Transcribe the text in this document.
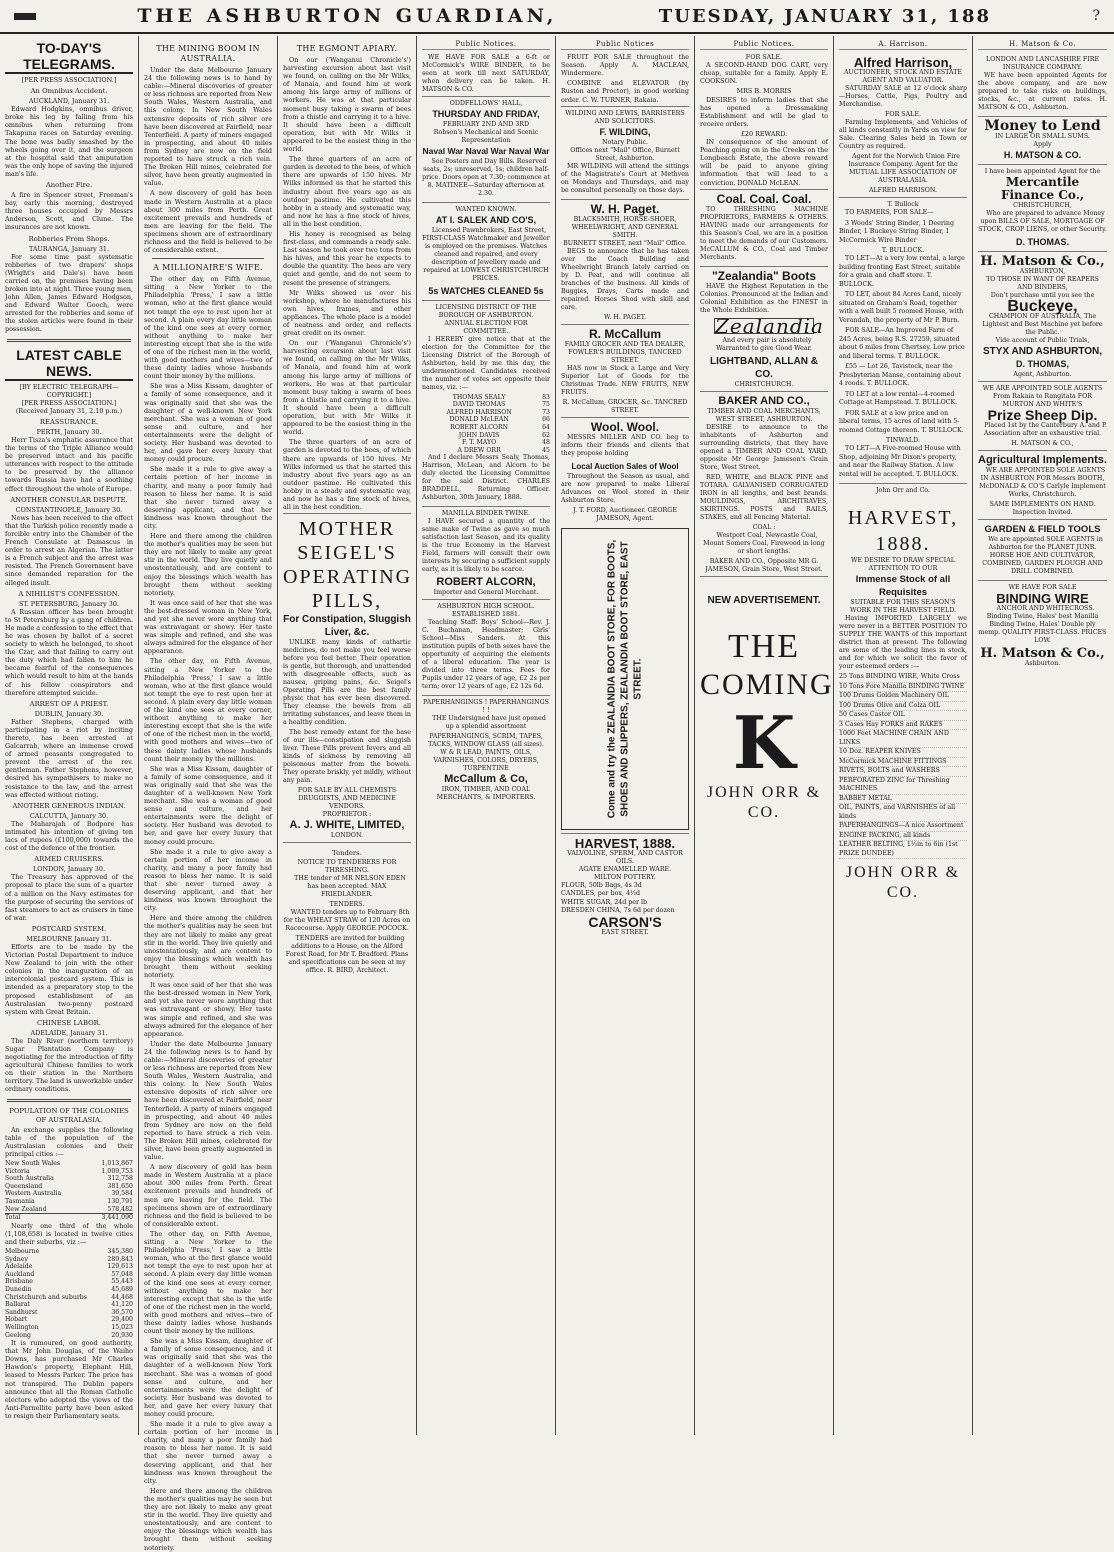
THE ASHBURTON GUARDIAN,	TUESDAY, JANUARY 31, 188	?
TO-DAY'S TELEGRAMS.
[PER PRESS ASSOCIATION.]
An Omnibus Accident.
AUCKLAND, January 31.

Edward Hodgkins, omnibus driver, broke his leg by falling from his omnibus when returning from Takapuna races on Saturday evening. The bone was badly smashed by the wheels going over it, and the surgeon at the hospital said that amputation was the only hope of saving the injured man's life.

Another Fire.

A fire in Spencer street, Freeman's bay, early this morning, destroyed three houses occupied by Messrs Anderson, Scott, and Clune. The insurances are not known.

Robberies From Shops.
TAURANGA, January 31.

For some time past systematic robberies of two drapers' shops (Wright's and Dale's) have been carried on, the premises having been broken into at night. Three young men, John Allen, James Edward Hodgson, and Edward Walter Gooch, were arrested for the robberies and some of the stolen articles were found in their possession.

LATEST CABLE NEWS.
[BY ELECTRIC TELEGRAPH—COPYRIGHT.]
[PER PRESS ASSOCIATION.]
(Received January 31, 2.10 p.m.)
REASSURANCE.
PERTH, January 30.

Herr Tisza's emphatic assurance that the terms of the Triple Alliance would be preserved intact and his pacific utterances with respect to the attitude to be preserved by the alliance towards Russia have had a soothing effect throughout the whole of Europe.

ANOTHER CONSULAR DISPUTE.
CONSTANTINOPLE, January 30.

News has been received to the effect that the Turkish police recently made a forcible entry into the Chamber of the French Consulate at Damascus in order to arrest an Algerian. The latter is a French subject and the arrest was resisted. The French Government have since demanded reparation for the alleged insult.

A NIHILIST'S CONFESSION.
ST. PETERSBURG, January 30.

A Russian officer has been brought to St Petersburg by a gang of children. He made a confession to the effect that he was chosen by ballot of a secret society to which he belonged, to shoot the Czar, and that failing to carry out the duty which had fallen to him he became fearful of the consequences which would result to him at the hands of his fellow conspirators and therefore attempted suicide.

ARREST OF A PRIEST.
DUBLIN, January 30.

Father Stephens, charged with participating in a riot by inciting thereto, has been arrested at Galcarrab, where an immense crowd of armed peasants congregated to prevent the arrest of the rev. gentleman. Father Stephens, however, desired his sympathisers to make no resistance to the law, and the arrest was effected without rioting.

ANOTHER GENEROUS INDIAN.
CALCUTTA, January 30.

The Maharajah of Bodpore has intimated his intention of giving ten lacs of rupees (£100,000) towards the cost of the defence of the frontier.

ARMED CRUISERS.
LONDON, January 30.

The Treasury has approved of the proposal to place the sum of a quarter of a million on the Navy estimates for the purpose of securing the services of fast steamers to act as cruisers in time of war.

POSTCARD SYSTEM.
MELBOURNE January 31.

Efforts are to be made by the Victorian Postal Department to induce New Zealand to join with the other colonies in the inauguration of an intercolonial postcard system. This is intended as a preparatory step to the proposed establishment of an Australasian two-penny postcard system with Great Britain.

CHINESE LABOR.
ADELAIDE, January 31.

The Daly River (northern territory) Sugar Plantation Company is negotiating for the introduction of fifty agricultural Chinese families to work on their station in the Northern territory. The land is unworkable under ordinary conditions.

POPULATION OF THE COLONIES OF AUSTRALASIA.

An exchange supplies the following table of the population of the Australasian colonies and their principal cities :—

New South Wales	1,013,867
Victoria	1,009,753
South Australia	312,758
Queensland	381,650
Western Australia	39,584
Tasmania	130,791
New Zealand	578,482
Total	3,441,090

Nearly one third of the whole (1,108,658) is located in twelve cities and their suburbs, viz :—

Melbourne	345,380
Sydney	289,843
Adelaide	129,613
Auckland	57,048
Brisbane	55,443
Dunedin	45,689
Christchurch and suburbs	44,468
Ballarat	41,120
Sandhurst	36,570
Hobart	29,400
Wellington	15,023
Geelong	20,930

It is rumoured, on good authority, that Mr John Douglas, of the Waiho Downs, has purchased Mr Charles Hawdon's property, Elephant Hill, leased to Messrs Parker. The price has not transpired. The Dublin papers announce that all the Roman Catholic electors who adopted the views of the Anti-Parnellite party have been asked to resign their Parliamentary seats.

THE MINING BOOM IN AUSTRALIA.

Under the date Melbourne January 24 the following news is to hand by cable:—Mineral discoveries of greater or less richness are reported from New South Wales, Western Australia, and this colony. In New South Wales extensive deposits of rich silver ore have been discovered at Fairfield, near Tenterfield. A party of miners engaged in prospecting, and about 40 miles from Sydney are now on the field reported to have struck a rich vein. The Broken Hill mines, celebrated for silver, have been greatly augmented in value.

A new discovery of gold has been made in Western Australia at a place about 300 miles from Perth. Great excitement prevails and hundreds of men are leaving for the field. The specimens shown are of extraordinary richness and the field is believed to be of considerable extent.

A MILLIONAIRE'S WIFE.

The other day, on Fifth Avenue, sitting a New Yorker to the Philadelphia 'Press,' I saw a little woman, who at the first glance would not tempt the eye to rest upon her at second. A plain every day little woman of the kind one sees at every corner, without anything to make her interesting except that she is the wife of one of the richest men in the world, with good mothers and wives—two of these dainty ladies whose husbands count their money by the millions.

She was a Miss Kissam, daughter of a family of some consequence, and it was originally said that she was the daughter of a well-known New York merchant. She was a woman of good sense and culture, and her entertainments were the delight of society. Her husband was devoted to her, and gave her every luxury that money could procure.

She made it a rule to give away a certain portion of her income in charity, and many a poor family had reason to bless her name. It is said that she never turned away a deserving applicant, and that her kindness was known throughout the city.

Here and there among the children the mother's qualities may be seen but they are not likely to make any great stir in the world. They live quietly and unostentatiously, and are content to enjoy the blessings which wealth has brought them without seeking notoriety.

It was once said of her that she was the best-dressed woman in New York, and yet she never wore anything that was extravagant or showy. Her taste was simple and refined, and she was always admired for the elegance of her appearance.

The other day, on Fifth Avenue, sitting a New Yorker to the Philadelphia 'Press,' I saw a little woman, who at the first glance would not tempt the eye to rest upon her at second. A plain every day little woman of the kind one sees at every corner, without anything to make her interesting except that she is the wife of one of the richest men in the world, with good mothers and wives—two of these dainty ladies whose husbands count their money by the millions.

She was a Miss Kissam, daughter of a family of some consequence, and it was originally said that she was the daughter of a well-known New York merchant. She was a woman of good sense and culture, and her entertainments were the delight of society. Her husband was devoted to her, and gave her every luxury that money could procure.

She made it a rule to give away a certain portion of her income in charity, and many a poor family had reason to bless her name. It is said that she never turned away a deserving applicant, and that her kindness was known throughout the city.

Here and there among the children the mother's qualities may be seen but they are not likely to make any great stir in the world. They live quietly and unostentatiously, and are content to enjoy the blessings which wealth has brought them without seeking notoriety.

It was once said of her that she was the best-dressed woman in New York, and yet she never wore anything that was extravagant or showy. Her taste was simple and refined, and she was always admired for the elegance of her appearance.

Under the date Melbourne January 24 the following news is to hand by cable:—Mineral discoveries of greater or less richness are reported from New South Wales, Western Australia, and this colony. In New South Wales extensive deposits of rich silver ore have been discovered at Fairfield, near Tenterfield. A party of miners engaged in prospecting, and about 40 miles from Sydney are now on the field reported to have struck a rich vein. The Broken Hill mines, celebrated for silver, have been greatly augmented in value.

A new discovery of gold has been made in Western Australia at a place about 300 miles from Perth. Great excitement prevails and hundreds of men are leaving for the field. The specimens shown are of extraordinary richness and the field is believed to be of considerable extent.

The other day, on Fifth Avenue, sitting a New Yorker to the Philadelphia 'Press,' I saw a little woman, who at the first glance would not tempt the eye to rest upon her at second. A plain every day little woman of the kind one sees at every corner, without anything to make her interesting except that she is the wife of one of the richest men in the world, with good mothers and wives—two of these dainty ladies whose husbands count their money by the millions.

She was a Miss Kissam, daughter of a family of some consequence, and it was originally said that she was the daughter of a well-known New York merchant. She was a woman of good sense and culture, and her entertainments were the delight of society. Her husband was devoted to her, and gave her every luxury that money could procure.

She made it a rule to give away a certain portion of her income in charity, and many a poor family had reason to bless her name. It is said that she never turned away a deserving applicant, and that her kindness was known throughout the city.

Here and there among the children the mother's qualities may be seen but they are not likely to make any great stir in the world. They live quietly and unostentatiously, and are content to enjoy the blessings which wealth has brought them without seeking notoriety.

THE EGMONT APIARY.

On our ('Wanganui Chronicle's') harvesting excursion about last visit we found, on calling on the Mr Wilks, of Manaia, and found him at work among his large army of millions of workers. He was at that particular moment busy taking a swarm of bees from a thistle and carrying it to a hive. It should have been a difficult operation, but with Mr Wilks it appeared to be the easiest thing in the world.

The three quarters of an acre of garden is devoted to the bees, of which there are upwards of 150 hives. Mr Wilks informed us that he started this industry about five years ago as an outdoor pastime. He cultivated this hobby in a steady and systematic way, and now he has a fine stock of hives, all in the best condition.

His honey is recognised as being first-class, and commands a ready sale. Last season he took over two tons from his hives, and this year he expects to double the quantity. The bees are very quiet and gentle, and do not seem to resent the presence of strangers.

Mr Wilks showed us over his workshop, where he manufactures his own hives, frames, and other appliances. The whole place is a model of neatness and order, and reflects great credit on its owner.

On our ('Wanganui Chronicle's') harvesting excursion about last visit we found, on calling on the Mr Wilks, of Manaia, and found him at work among his large army of millions of workers. He was at that particular moment busy taking a swarm of bees from a thistle and carrying it to a hive. It should have been a difficult operation, but with Mr Wilks it appeared to be the easiest thing in the world.

The three quarters of an acre of garden is devoted to the bees, of which there are upwards of 150 hives. Mr Wilks informed us that he started this industry about five years ago as an outdoor pastime. He cultivated this hobby in a steady and systematic way, and now he has a fine stock of hives, all in the best condition.

MOTHER SEIGEL'S OPERATING PILLS,
For Constipation, Sluggish Liver, &c.

UNLIKE many kinds of cathartic medicines, do not make you feel worse before you feel better. Their operation is gentle, but thorough, and unattended with disagreeable effects, such as nausea, griping pains, &c. Seigel's Operating Pills are the best family physic that has ever been discovered. They cleanse the bowels from all irritating substances, and leave them in a healthy condition.

The best remedy extant for the base of our ills—constipation and sluggish liver. These Pills prevent fevers and all kinds of sickness by removing all poisonous matter from the bowels. They operate briskly, yet mildly, without any pain.

FOR SALE BY ALL CHEMISTS DRUGGISTS, AND MEDICINE VENDORS.
PROPRIETOR :
A. J. WHITE, LIMITED,
LONDON.
Tenders.
NOTICE TO TENDERERS FOR THRESHING.

THE tender of MR NELSON EDEN has been accepted. MAX FRIEDLANDER.

TENDERS.

WANTED tenders up to February 8th for the WHEAT STRAW of 120 Acres on Racecourse. Apply GEORGE POCOCK.

TENDERS are invited for building additions to a House, on the Alford Forest Road, for Mr T. Bradford. Plans and specifications can be seen at my office. R. BIRD, Architect.

Public Notices.

WE HAVE FOR SALE a 6-ft or McCormick's WIRE BINDER, to be seen at work till next SATURDAY, when delivery can be taken. H. MATSON & CO.

ODDFELLOWS' HALL,
THURSDAY AND FRIDAY,
FEBRUARY 2ND AND 3RD
Robson's Mechanical and Scenic Representation
Naval War Naval War Naval War

See Posters and Day Bills. Reserved seats, 2s; unreserved, 1s; children half-price. Doors open at 7.30; commence at 8. MATINEE—Saturday afternoon at 2.30.

WANTED KNOWN.
AT I. SALEK AND CO'S,

Licensed Pawnbrokers, East Street, FIRST-CLASS Watchmaker and Jeweller is employed on the premises. Watches cleaned and repaired, and every description of Jewellery made and repaired at LOWEST CHRISTCHURCH PRICES.

5s WATCHES CLEANED 5s
LICENSING DISTRICT OF THE BOROUGH OF ASHBURTON.
ANNUAL ELECTION FOR COMMITTEE.

I HEREBY give notice that at the election for the Committee for the Licensing District of the Borough of Ashburton, held by me this day, the undermentioned Candidates received the number of votes set opposite their names, viz. :—

THOMAS SEALY	83
DAVID THOMAS	75
ALFRED HARRISON	73
DONALD McLEAN	66
ROBERT ALCORN	64
JOHN DAVIS	62
F. T. MAYO	48
A DREW ORR	45

And I declare Messrs Sealy, Thomas, Harrison, McLean, and Alcorn to be duly elected the Licensing Committee for the said District. CHARLES BRADDELL, Returning Officer. Ashburton, 30th January, 1888.

MANILLA BINDER TWINE.

I HAVE secured a quantity of the same make of Twine as gave so much satisfaction last Season, and its quality is the true Economy in the Harvest Field, farmers will consult their own interests by securing a sufficient supply early, as it is likely to be scarce.

ROBERT ALCORN,
Importer and General Merchant.
ASHBURTON HIGH SCHOOL.
ESTABLISHED 1881.

Teaching Staff: Boys' School—Rev. J. C. Buchanan, Headmaster; Girls' School—Miss Sanders. At this institution pupils of both sexes have the opportunity of acquiring the elements of a liberal education. The year is divided into three terms. Fees for Pupils under 12 years of age, £2 2s per term; over 12 years of age, £2 12s 6d.

PAPERHANGINGS ! PAPERHANGINGS ! !

THE Undersigned have just opened up a splendid assortment

PAPERHANGINGS, SCRIM, TAPES, TACKS, WINDOW GLASS (all sizes).
W & R LEAD, PAINTS, OILS, VARNISHES, COLORS, DRYERS, TURPENTINE
McCallum & Co,
IRON, TIMBER, AND COAL MERCHANTS, & IMPORTERS.
Public Notices

FRUIT FOR SALE throughout the Season. Apply A. MACLEAN, Windermere.

COMBINE and ELEVATOR (by Ruston and Proctor), in good working order. C. W. TURNER, Rakaia.

WILDING AND LEWIS, BARRISTERS AND SOLICITORS.
F. WILDING,
Notary Public.
Offices next "Mail" Office, Burnett Street, Ashburton.

MR WILDING will attend the sittings of the Magistrate's Court at Methven on Mondays and Thursdays, and may be consulted personally on those days.

W. H. Paget.
BLACKSMITH, HORSE-SHOER, WHEELWRIGHT, AND GENERAL SMITH.
BURNETT STREET, next "Mail" Office.

BEGS to announce that he has taken over the Coach Building and Wheelwright Branch lately carried on by D. Peat, and will continue all branches of the business. All kinds of Buggies, Drays, Carts made and repaired. Horses Shod with skill and care.

W. H. PAGET.
R. McCallum
FAMILY GROCER AND TEA DEALER, FOWLER'S BUILDINGS, TANCRED STREET.

HAS now in Stock a Large and Very Superior Lot of Goods for the Christmas Trade. NEW FRUITS, NEW FRUITS.

R. McCallum, GROCER, &c. TANCRED STREET.
Wool. Wool.

MESSRS MILLER AND CO. beg to inform their friends and clients that they propose holding

Local Auction Sales of Wool

Throughout the Season as usual, and are now prepared to make Liberal Advances on Wool stored in their Ashburton Store.

J. T. FORD, Auctioneer. GEORGE JAMESON, Agent.
Come and try the ZEALANDIA BOOT STORE, FOR BOOTS, SHOES AND SLIPPERS, ZEALANDIA BOOT STORE, EAST STREET.
HARVEST, 1888.
VALVOLINE, SPERM, AND CASTOR OILS.
AGATE ENAMELLED WARE.
MILTON POTTERY.
FLOUR, 50lb Bags, 4s 3d
CANDLES, per box, 4½d
WHITE SUGAR, 24d per lb
DRESDEN CHINA, 7s 6d per dozen
CARSON'S
EAST STREET.
Public Notices.
FOR SALE.

A SECOND-HAND DOG CART, very cheap, suitable for a family. Apply E. COOKSON.

MRS B. MORRIS

DESIRES to inform ladies that she has opened a Dressmaking Establishment and will be glad to receive orders.

£20 REWARD.

IN consequence of the amount of Poaching going on in the Creeks on the Longbeach Estate, the above reward will be paid to anyone giving information that will lead to a conviction. DONALD McLEAN.

Coal. Coal. Coal.

TO THRESHING MACHINE PROPRIETORS, FARMERS & OTHERS. HAVING made our arrangements for this Season's Coal, we are in a position to meet the demands of our Customers. McCALLUM & CO., Coal and Timber Merchants.

"Zealandia" Boots

HAVE the Highest Reputation in the Colonies. Pronounced at the Indian and Colonial Exhibition as the FINEST in the Whole Exhibition.

Zealandia

And every pair is absolutely Warranted to give Good Wear.

LIGHTBAND, ALLAN & CO.
CHRISTCHURCH.
BAKER AND CO.,
TIMBER AND COAL MERCHANTS, WEST STREET, ASHBURTON.

DESIRE to announce to the inhabitants of Ashburton and surrounding districts, that they have opened a TIMBER AND COAL YARD, opposite Mr George Jameson's Grain Store, West Street.

RED, WHITE, and BLACK PINE and TOTARA. GALVANISED CORRUGATED IRON in all lengths, and best brands. MOULDINGS, ARCHITRAVES, SKIRTINGS. POSTS and RAILS, STAKES, and all Fencing Material.

COAL :

Westport Coal, Newcastle Coal, Mount Somers Coal, Firewood in long or short lengths.

BAKER AND CO., Opposite MR G. JAMESON, Grain Store, West Street.
NEW ADVERTISEMENT.
THE
COMING
K
JOHN ORR & CO.
A. Harrison.
Alfred Harrison,
AUCTIONEER, STOCK AND ESTATE AGENT AND VALUATOR.

SATURDAY SALE at 12 o'clock sharp—Horses, Cattle, Pigs, Poultry and Merchandise.

FOR SALE.

Farming Implements, and Vehicles of all kinds constantly in Yards on view for Sale. Clearing Sales held in Town or Country as required.

Agent for the Norwich Union Fire Insurance Company. Agent for the MUTUAL LIFE ASSOCIATION OF AUSTRALASIA.

ALFRED HARRISON.
T. Bullock

TO FARMERS, FOR SALE—

3 Woods' String Binder, 1 Deering Binder, 1 Buckeye String Binder, 1 McCormick Wire Binder

T. BULLOCK.

TO LET—At a very low rental, a large building fronting East Street, suitable for a grain and chaff store. T. BULLOCK.

TO LET, about 84 Acres Land, nicely situated on Graham's Road, together with a well built 5 roomed House, with Verandah, the property of Mr P. Burn.

FOR SALE—An Improved Farm of 245 Acres, being R.S. 27259, situated about 6 miles from Chertsey. Low price and liberal terms. T. BULLOCK.

£55 — Lot 26, Tavistock, near the Presbyterian Manse, containing about 4 roods. T. BULLOCK.

TO LET at a low rental—4-roomed Cottage at Hampstead. T. BULLOCK.

FOR SALE at a low price and on liberal terms, 15 acres of land with 5-roomed Cottage thereon. T. BULLOCK.

TINWALD.

TO LET—A Five-roomed House with Shop, adjoining Mr Dixon's property, and near the Railway Station. A low rental will be accepted. T. BULLOCK.

John Orr and Co.
HARVEST, 1888.
WE DESIRE TO DRAW SPECIAL ATTENTION TO OUR
Immense Stock of all Requisites
SUITABLE FOR THIS SEASON'S WORK IN THE HARVEST FIELD.

Having IMPORTED LARGELY we were never in a BETTER POSITION TO SUPPLY THE WANTS of this important district than at present. The following are some of the leading lines in stock, and for which we solicit the favor of your esteemed orders :—

25 Tons BINDING WIRE, White Cross
10 Tons Fore Manilla BINDING TWINE
100 Drums Golden Machinery OIL
100 Drums Olive and Colza OIL
50 Cases Castor OIL
3 Cases Hay FORKS and RAKES
1000 Feet MACHINE CHAIN AND LINKS
10 Doz. REAPER KNIVES
McCormick MACHINE FITTINGS
RIVETS, BOLTS and WASHERS
PERFORATED ZINC for Threshing MACHINES
BABBET METAL
OIL, PAINTS, and VARNISHES of all kinds
PAPERHANGINGS—A nice Assortment
ENGINE PACKING, all kinds
LEATHER BELTING, 1½in to 6in (1st PRIZE DUNDEE)
JOHN ORR & CO.
H. Matson & Co.
LONDON AND LANCASHIRE FIRE INSURANCE COMPANY.

WE have been appointed Agents for the above company, and are now prepared to take risks on buildings, stocks, &c., at current rates. H. MATSON & CO., Ashburton.

Money to Lend
IN LARGE OR SMALL SUMS.
Apply
H. MATSON & CO.
I have been appointed Agent for the
Mercantile Finance Co.,
CHRISTCHURCH,

Who are prepared to advance Money upon BILLS OF SALE, MORTGAGE OF STOCK, CROP LIENS, or other Security.

D. THOMAS.
H. Matson & Co.,
ASHBURTON,
TO THOSE IN WANT OF REAPERS AND BINDERS,
Don't purchase until you see the
Buckeye,
CHAMPION OF AUSTRALIA, The Lightest and Best Machine yet before the Public.
Vide account of Public Trials,
STYX AND ASHBURTON,
D. THOMAS,
Agent, Ashburton.
WE ARE APPOINTED SOLE AGENTS From Rakaia to Rangitata FOR MURTON AND WHITE'S
Prize Sheep Dip.

Placed 1st by the Canterbury A. and P. Association after an exhaustive trial.

H. MATSON & CO.,
Agricultural Implements.

WE ARE APPOINTED SOLE AGENTS IN ASHBURTON FOR Messrs BOOTH, McDONALD & CO'S Carlyle Implement Works, Christchurch.

SAME IMPLEMENTS ON HAND. Inspection Invited.
GARDEN & FIELD TOOLS

We are appointed SOLE AGENTS in Ashburton for the PLANET JUNR. HORSE HOE AND CULTIVATOR, COMBINED, GARDEN PLOUGH AND DRILL COMBINED.

WE HAVE FOR SALE
BINDING WIRE

ANCHOR AND WHITECROSS. Binding Twine, Hales' best Manilla Binding Twine, Hales' Double ply memp. QUALITY FIRST-CLASS. PRICES LOW.

H. Matson & Co.,
Ashburton.
